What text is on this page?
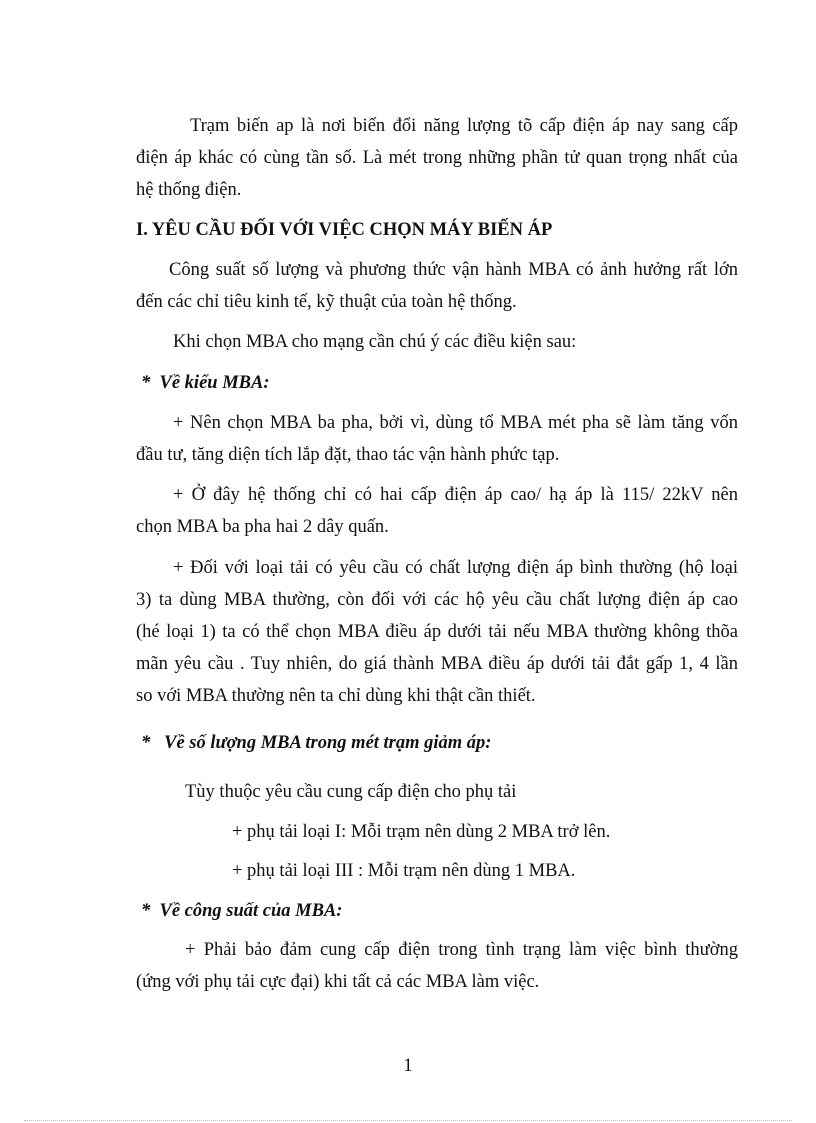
Trạm biến ap là nơi biến đổi năng lượng tõ cấp điện áp nay sang cấp
điện áp khác có cùng tần số. Là mét trong những phần tử quan trọng nhất của
hệ thống điện.
I. YÊU CẦU ĐỐI VỚI VIỆC CHỌN MÁY BIẾN ÁP
Công suất số lượng và phương thức vận hành MBA có ảnh hưởng rất lớn
đến các chỉ tiêu kinh tế, kỹ thuật của toàn hệ thống.
Khi chọn MBA cho mạng cần chú ý các điều kiện sau:
* Về kiểu MBA:
+ Nên chọn MBA ba pha, bởi vì, dùng tổ MBA mét pha sẽ làm tăng vốn
đầu tư, tăng diện tích lắp đặt, thao tác vận hành phức tạp.
+ Ở đây hệ thống chỉ có hai cấp điện áp cao/ hạ áp là 115/ 22kV nên
chọn MBA ba pha hai 2 dây quấn.
+ Đối với loại tải có yêu cầu có chất lượng điện áp bình thường (hộ loại
3) ta dùng MBA thường, còn đối với các hộ yêu cầu chất lượng điện áp cao
(hé loại 1) ta có thể chọn MBA điều áp dưới tải nếu MBA thường không thõa
mãn yêu cầu . Tuy nhiên, do giá thành MBA điều áp dưới tải đắt gấp 1, 4 lần
so với MBA thường nên ta chỉ dùng khi thật cần thiết.
* Về số lượng MBA trong mét trạm giảm áp:
Tùy thuộc yêu cầu cung cấp điện cho phụ tải
+ phụ tải loại I: Mỗi trạm nên dùng 2 MBA trở lên.
+ phụ tải loại III : Mỗi trạm nên dùng 1 MBA.
* Về công suất của MBA:
+ Phải bảo đảm cung cấp điện trong tình trạng làm việc bình thường
(ứng với phụ tải cực đại) khi tất cả các MBA làm việc.
1
